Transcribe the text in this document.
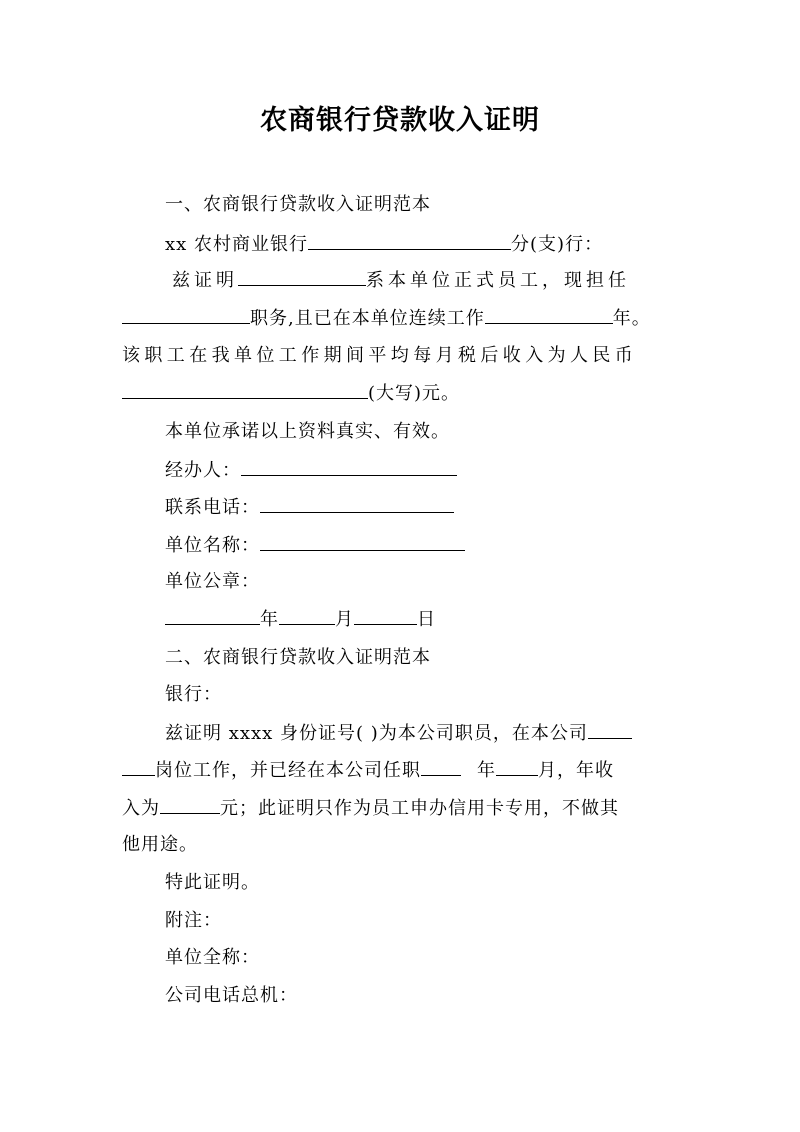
农商银行贷款收入证明
一、农商银行贷款收入证明范本
xx 农村商业银行	分(支)行：
兹证明	系本单位正式员工，现担任
职务,且已在本单位连续工作	年。
该职工在我单位工作期间平均每月税后收入为人民币
(大写)元。
本单位承诺以上资料真实、有效。
经办人：
联系电话：
单位名称：
单位公章：
年	月	日
二、农商银行贷款收入证明范本
银行：
兹证明 xxxx 身份证号( )为本公司职员，在本公司
岗位工作，并已经在本公司任职	年 月，年收
入为	元；此证明只作为员工申办信用卡专用，不做其
他用途。
特此证明。
附注：
单位全称：
公司电话总机：
